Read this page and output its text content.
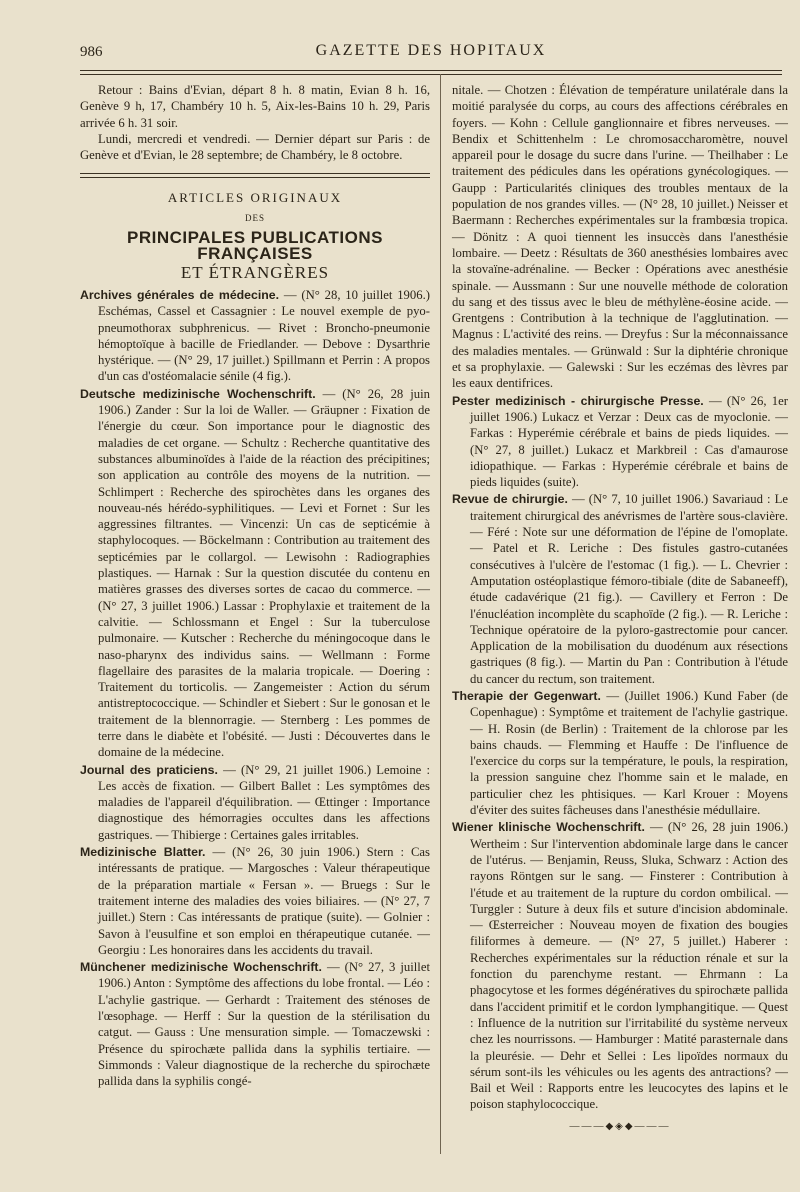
986	GAZETTE DES HOPITAUX

Retour : Bains d'Evian, départ 8 h. 8 matin, Evian 8 h. 16, Genève 9 h, 17, Chambéry 10 h. 5, Aix-les-Bains 10 h. 29, Paris arrivée 6 h. 31 soir.

Lundi, mercredi et vendredi. — Dernier départ sur Paris : de Genève et d'Evian, le 28 septembre; de Chambéry, le 8 octobre.

ARTICLES ORIGINAUX
DES
PRINCIPALES PUBLICATIONS FRANÇAISES
ET ÉTRANGÈRES

Archives générales de médecine. — (N° 28, 10 juillet 1906.) Eschémas, Cassel et Cassagnier : Le nouvel exemple de pyo-pneumothorax subphrenicus. — Rivet : Broncho-pneumonie hémoptoïque à bacille de Friedlander. — Debove : Dysarthrie hystérique. — (N° 29, 17 juillet.) Spillmann et Perrin : A propos d'un cas d'ostéomalacie sénile (4 fig.).

Deutsche medizinische Wochenschrift. — (N° 26, 28 juin 1906.) Zander : Sur la loi de Waller. — Gräupner : Fixation de l'énergie du cœur. Son importance pour le diagnostic des maladies de cet organe. — Schultz : Recherche quantitative des substances albuminoïdes à l'aide de la réaction des précipitines; son application au contrôle des moyens de la nutrition. — Schlimpert : Recherche des spirochètes dans les organes des nouveau-nés hérédo-syphilitiques. — Levi et Fornet : Sur les aggressines filtrantes. — Vincenzi: Un cas de septicémie à staphylocoques. — Böckelmann : Contribution au traitement des septicémies par le collargol. — Lewisohn : Radiographies plastiques. — Harnak : Sur la question discutée du contenu en matières grasses des diverses sortes de cacao du commerce. — (N° 27, 3 juillet 1906.) Lassar : Prophylaxie et traitement de la calvitie. — Schlossmann et Engel : Sur la tuberculose pulmonaire. — Kutscher : Recherche du méningocoque dans le naso-pharynx des individus sains. — Wellmann : Forme flagellaire des parasites de la malaria tropicale. — Doering : Traitement du torticolis. — Zangemeister : Action du sérum antistreptococcique. — Schindler et Siebert : Sur le gonosan et le traitement de la blennorragie. — Sternberg : Les pommes de terre dans le diabète et l'obésité. — Justi : Découvertes dans le domaine de la médecine.

Journal des praticiens. — (N° 29, 21 juillet 1906.) Lemoine : Les accès de fixation. — Gilbert Ballet : Les symptômes des maladies de l'appareil d'équilibration. — Œttinger : Importance diagnostique des hémorragies occultes dans les affections gastriques. — Thibierge : Certaines gales irritables.

Medizinische Blatter. — (N° 26, 30 juin 1906.) Stern : Cas intéressants de pratique. — Margosches : Valeur thérapeutique de la préparation martiale « Fersan ». — Bruegs : Sur le traitement interne des maladies des voies biliaires. — (N° 27, 7 juillet.) Stern : Cas intéressants de pratique (suite). — Golnier : Savon à l'eusulfine et son emploi en thérapeutique cutanée. — Georgiu : Les honoraires dans les accidents du travail.

Münchener medizinische Wochenschrift. — (N° 27, 3 juillet 1906.) Anton : Symptôme des affections du lobe frontal. — Léo : L'achylie gastrique. — Gerhardt : Traitement des sténoses de l'œsophage. — Herff : Sur la question de la stérilisation du catgut. — Gauss : Une mensuration simple. — Tomaczewski : Présence du spirochæte pallida dans la syphilis tertiaire. — Simmonds : Valeur diagnostique de la recherche du spirochæte pallida dans la syphilis congé-

nitale. — Chotzen : Élévation de température unilatérale dans la moitié paralysée du corps, au cours des affections cérébrales en foyers. — Kohn : Cellule ganglionnaire et fibres nerveuses. — Bendix et Schittenhelm : Le chromosaccharomètre, nouvel appareil pour le dosage du sucre dans l'urine. — Theilhaber : Le traitement des pédicules dans les opérations gynécologiques. — Gaupp : Particularités cliniques des troubles mentaux de la population de nos grandes villes. — (N° 28, 10 juillet.) Neisser et Baermann : Recherches expérimentales sur la frambœsia tropica. — Dönitz : A quoi tiennent les insuccès dans l'anesthésie lombaire. — Deetz : Résultats de 360 anesthésies lombaires avec la stovaïne-adrénaline. — Becker : Opérations avec anesthésie spinale. — Aussmann : Sur une nouvelle méthode de coloration du sang et des tissus avec le bleu de méthylène-éosine acide. — Grentgens : Contribution à la technique de l'agglutination. — Magnus : L'activité des reins. — Dreyfus : Sur la méconnaissance des maladies mentales. — Grünwald : Sur la diphtérie chronique et sa prophylaxie. — Galewski : Sur les eczémas des lèvres par les eaux dentifrices.

Pester medizinisch - chirurgische Presse. — (N° 26, 1er juillet 1906.) Lukacz et Verzar : Deux cas de myoclonie. — Farkas : Hyperémie cérébrale et bains de pieds liquides. — (N° 27, 8 juillet.) Lukacz et Markbreil : Cas d'amaurose idiopathique. — Farkas : Hyperémie cérébrale et bains de pieds liquides (suite).

Revue de chirurgie. — (N° 7, 10 juillet 1906.) Savariaud : Le traitement chirurgical des anévrismes de l'artère sous-clavière. — Féré : Note sur une déformation de l'épine de l'omoplate. — Patel et R. Leriche : Des fistules gastro-cutanées consécutives à l'ulcère de l'estomac (1 fig.). — L. Chevrier : Amputation ostéoplastique fémoro-tibiale (dite de Sabaneeff), étude cadavérique (21 fig.). — Cavillery et Ferron : De l'énucléation incomplète du scaphoïde (2 fig.). — R. Leriche : Technique opératoire de la pyloro-gastrectomie pour cancer. Application de la mobilisation du duodénum aux résections gastriques (8 fig.). — Martin du Pan : Contribution à l'étude du cancer du rectum, son traitement.

Therapie der Gegenwart. — (Juillet 1906.) Kund Faber (de Copenhague) : Symptôme et traitement de l'achylie gastrique. — H. Rosin (de Berlin) : Traitement de la chlorose par les bains chauds. — Flemming et Hauffe : De l'influence de l'exercice du corps sur la température, le pouls, la respiration, la pression sanguine chez l'homme sain et le malade, en particulier chez les phtisiques. — Karl Krouer : Moyens d'éviter des suites fâcheuses dans l'anesthésie médullaire.

Wiener klinische Wochenschrift. — (N° 26, 28 juin 1906.) Wertheim : Sur l'intervention abdominale large dans le cancer de l'utérus. — Benjamin, Reuss, Sluka, Schwarz : Action des rayons Röntgen sur le sang. — Finsterer : Contribution à l'étude et au traitement de la rupture du cordon ombilical. — Turggler : Suture à deux fils et suture d'incision abdominale. — Œsterreicher : Nouveau moyen de fixation des bougies filiformes à demeure. — (N° 27, 5 juillet.) Haberer : Recherches expérimentales sur la réduction rénale et sur la fonction du parenchyme restant. — Ehrmann : La phagocytose et les formes dégénératives du spirochæte pallida dans l'accident primitif et le cordon lymphangitique. — Quest : Influence de la nutrition sur l'irritabilité du système nerveux chez les nourrissons. — Hamburger : Matité parasternale dans la pleurésie. — Dehr et Sellei : Les lipoïdes normaux du sérum sont-ils les véhicules ou les agents des antractions? — Bail et Weil : Rapports entre les leucocytes des lapins et le poison staphylococcique.

———◆◈◆———
